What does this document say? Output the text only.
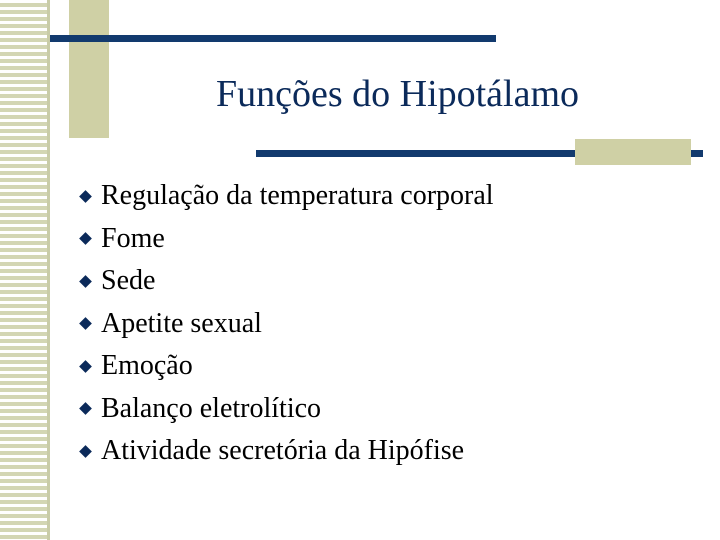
Funções do Hipotálamo
Regulação da temperatura corporal
Fome
Sede
Apetite sexual
Emoção
Balanço eletrolítico
Atividade secretória da Hipófise
